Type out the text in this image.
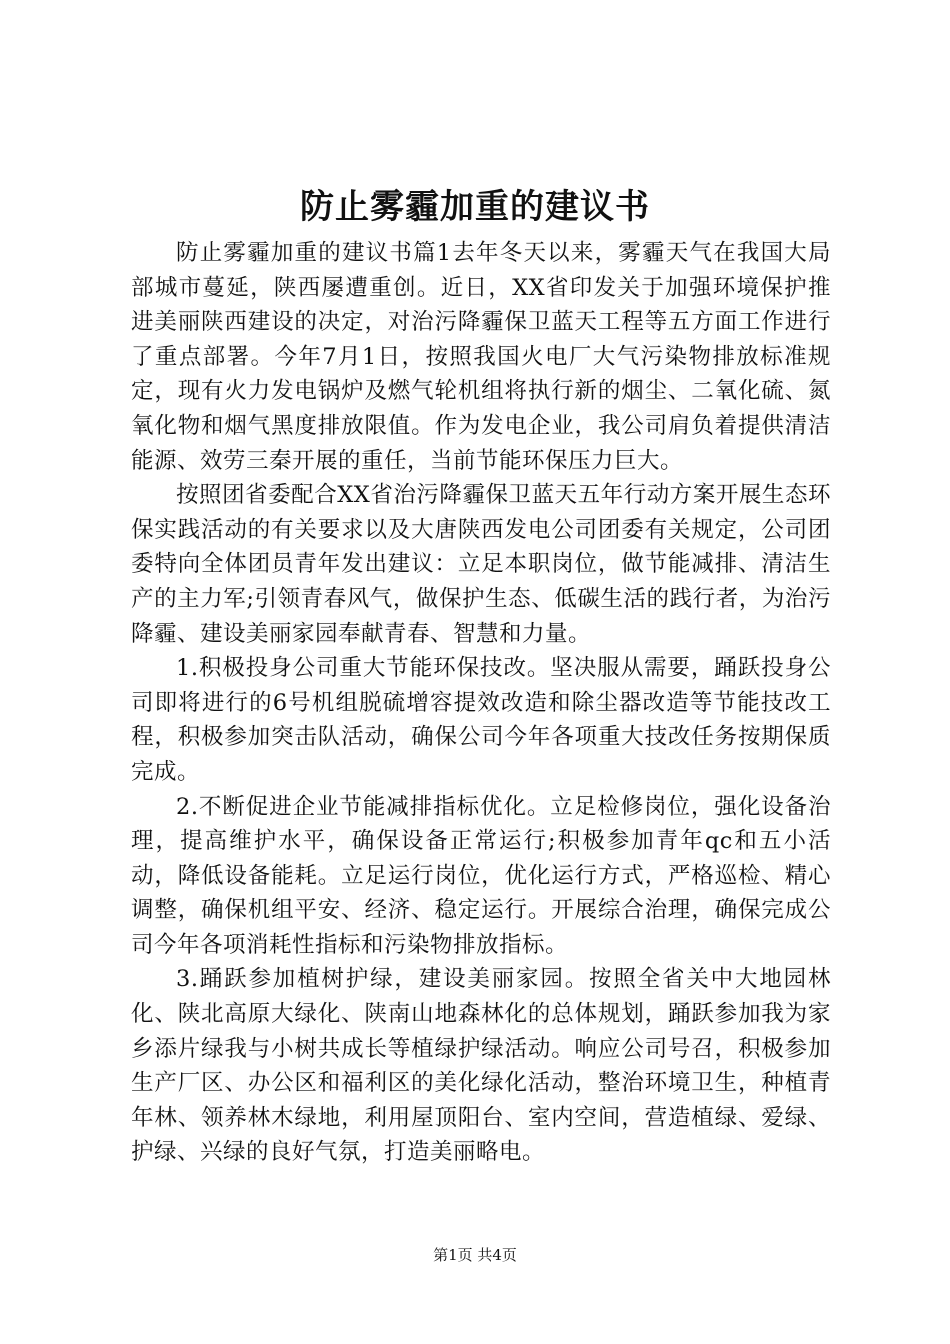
防止雾霾加重的建议书

防止雾霾加重的建议书篇1去年冬天以来，雾霾天气在我国大局部城市蔓延，陕西屡遭重创。近日，XX省印发关于加强环境保护推进美丽陕西建设的决定，对治污降霾保卫蓝天工程等五方面工作进行了重点部署。今年7月1日，按照我国火电厂大气污染物排放标准规定，现有火力发电锅炉及燃气轮机组将执行新的烟尘、二氧化硫、氮氧化物和烟气黑度排放限值。作为发电企业，我公司肩负着提供清洁能源、效劳三秦开展的重任，当前节能环保压力巨大。

按照团省委配合XX省治污降霾保卫蓝天五年行动方案开展生态环保实践活动的有关要求以及大唐陕西发电公司团委有关规定，公司团委特向全体团员青年发出建议：立足本职岗位，做节能减排、清洁生产的主力军;引领青春风气，做保护生态、低碳生活的践行者，为治污降霾、建设美丽家园奉献青春、智慧和力量。

1.积极投身公司重大节能环保技改。坚决服从需要，踊跃投身公司即将进行的6号机组脱硫增容提效改造和除尘器改造等节能技改工程，积极参加突击队活动，确保公司今年各项重大技改任务按期保质完成。

2.不断促进企业节能减排指标优化。立足检修岗位，强化设备治理，提高维护水平，确保设备正常运行;积极参加青年qc和五小活动，降低设备能耗。立足运行岗位，优化运行方式，严格巡检、精心调整，确保机组平安、经济、稳定运行。开展综合治理，确保完成公司今年各项消耗性指标和污染物排放指标。

3.踊跃参加植树护绿，建设美丽家园。按照全省关中大地园林化、陕北高原大绿化、陕南山地森林化的总体规划，踊跃参加我为家乡添片绿我与小树共成长等植绿护绿活动。响应公司号召，积极参加生产厂区、办公区和福利区的美化绿化活动，整治环境卫生，种植青年林、领养林木绿地，利用屋顶阳台、室内空间，营造植绿、爱绿、护绿、兴绿的良好气氛，打造美丽略电。

第1页 共4页
